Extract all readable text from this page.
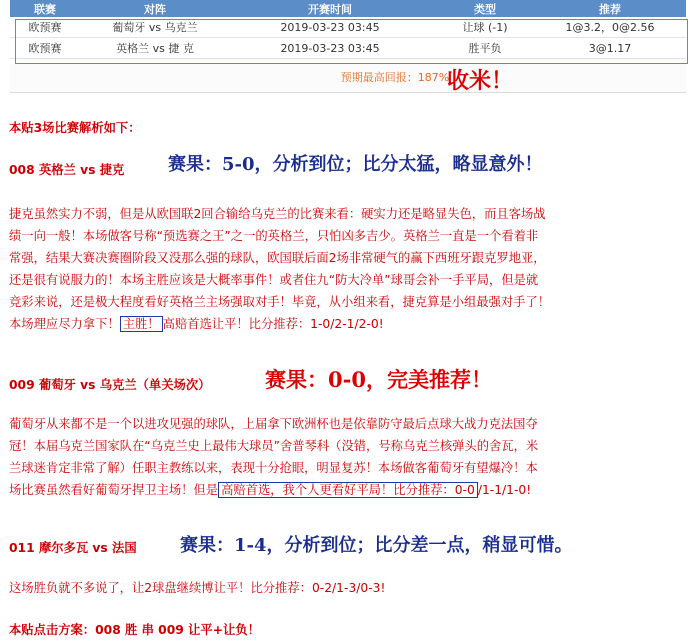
联赛	对阵	开赛时间	类型	推荐
欧预赛	葡萄牙 vs 乌克兰	2019-03-23 03:45	让球 (-1)	1@3.2，0@2.56
欧预赛	英格兰 vs 捷 克	2019-03-23 03:45	胜平负	3@1.17
预期最高回报：187%
收米！
本贴3场比赛解析如下：
008 英格兰 vs 捷克 赛果：5-0，分析到位；比分太猛，略显意外！
捷克虽然实力不弱，但是从欧国联2回合输给乌克兰的比赛来看：硬实力还是略显失色，而且客场战
绩一向一般！本场做客号称“预选赛之王”之一的英格兰，只怕凶多吉少。英格兰一直是一个看着非
常强，结果大赛决赛圈阶段又没那么强的球队，欧国联后面2场非常硬气的赢下西班牙跟克罗地亚，
还是很有说服力的！本场主胜应该是大概率事件！或者住九“防大冷单”球哥会补一手平局，但是就
竞彩来说，还是极大程度看好英格兰主场强取对手！毕竟，从小组来看，捷克算是小组最强对手了！
本场理应尽力拿下！ 主胜！ 高赔首选让平！比分推荐：1-0/2-1/2-0!
009 葡萄牙 vs 乌克兰（单关场次）	赛果：0-0，完美推荐！
葡萄牙从来都不是一个以进攻见强的球队，上届拿下欧洲杯也是依靠防守最后点球大战力克法国夺
冠！本届乌克兰国家队在“乌克兰史上最伟大球员”舍普琴科（没错，号称乌克兰核弹头的舍瓦，米
兰球迷肯定非常了解）任职主教练以来，表现十分抢眼，明显复苏！本场做客葡萄牙有望爆冷！本
场比赛虽然看好葡萄牙捍卫主场！但是 高赔首选，我个人更看好平局！比分推荐：0-0 /1-1/1-0!
011 摩尔多瓦 vs 法国 赛果：1-4，分析到位；比分差一点，稍显可惜。
这场胜负就不多说了，让2球盘继续博让平！比分推荐：0-2/1-3/0-3!
本贴点击方案：008 胜 串 009 让平+让负！
